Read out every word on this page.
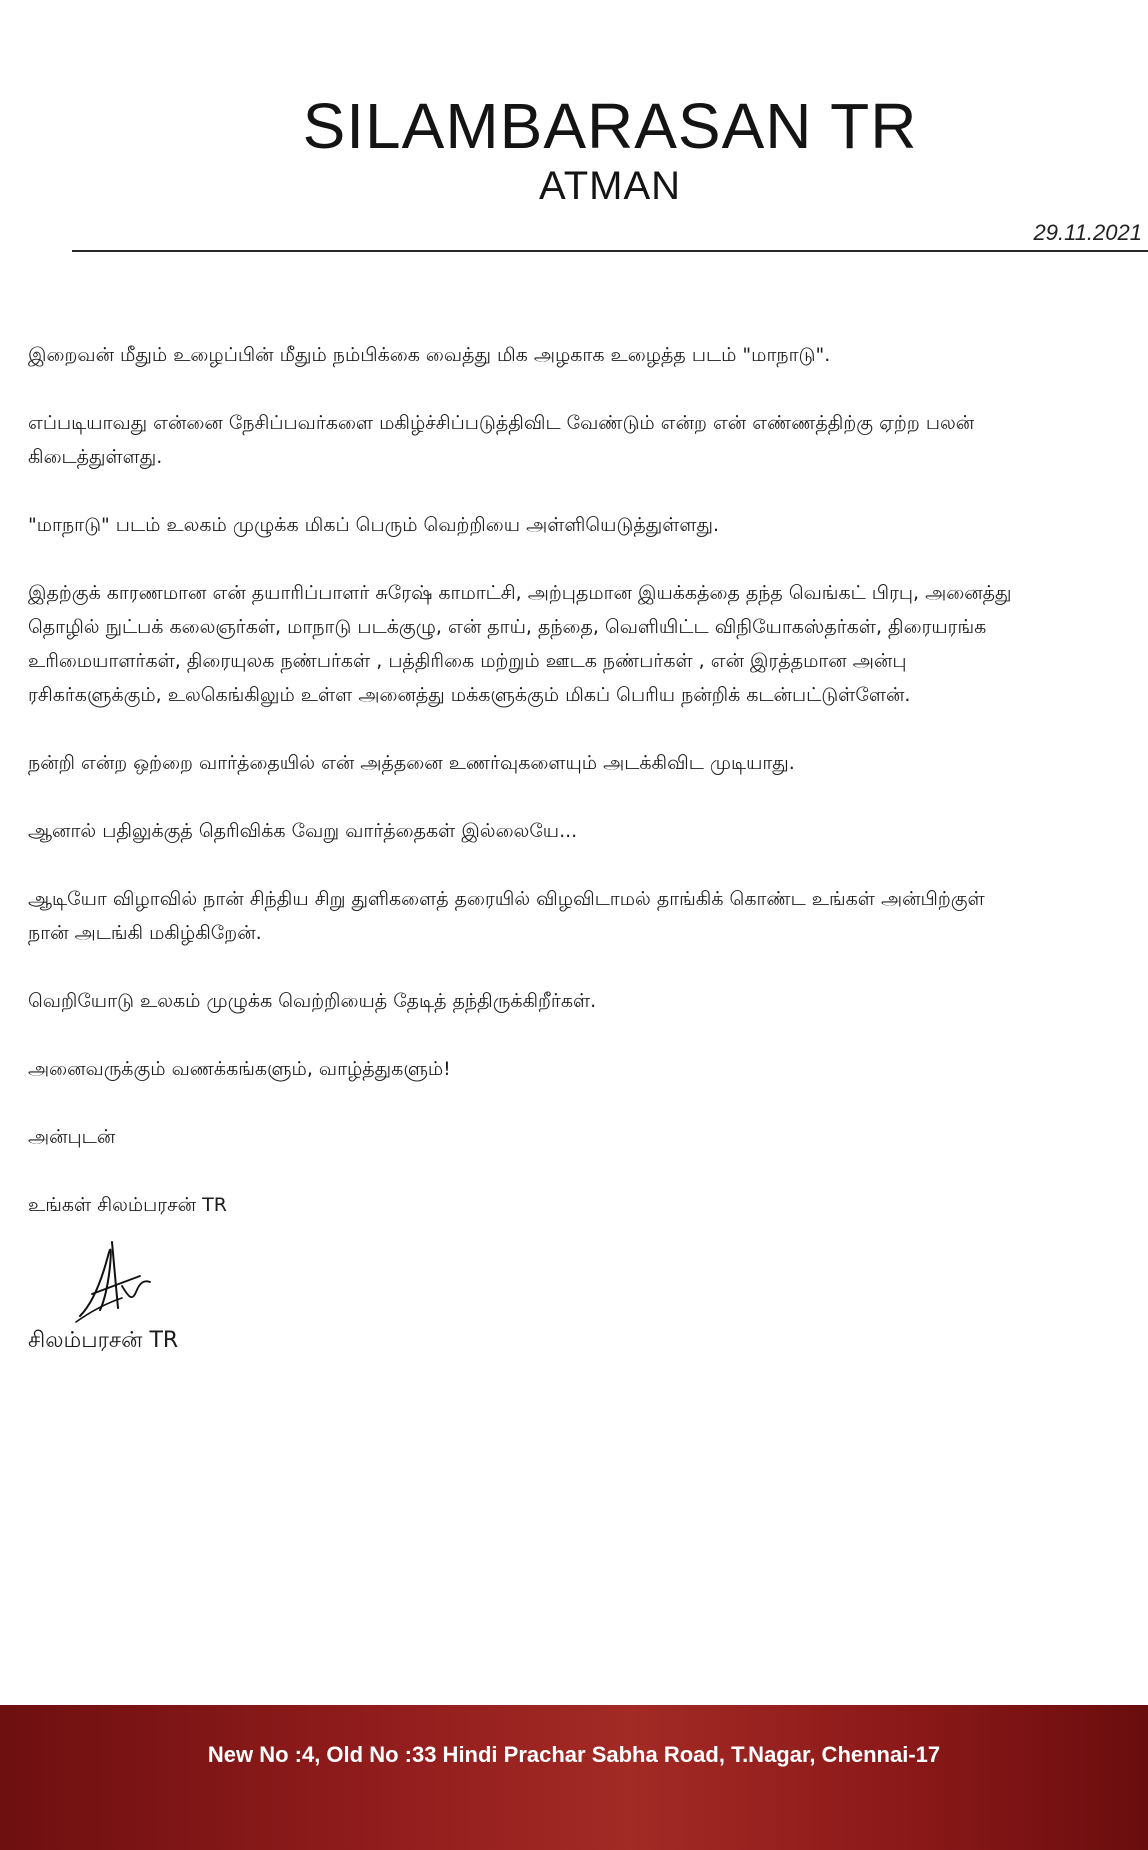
SILAMBARASAN TR
ATMAN
29.11.2021

இறைவன் மீதும் உழைப்பின் மீதும் நம்பிக்கை வைத்து மிக அழகாக உழைத்த படம் "மாநாடு".

எப்படியாவது என்னை நேசிப்பவர்களை மகிழ்ச்சிப்படுத்திவிட வேண்டும் என்ற என் எண்ணத்திற்கு ஏற்ற பலன்
கிடைத்துள்ளது.

"மாநாடு" படம் உலகம் முழுக்க மிகப் பெரும் வெற்றியை அள்ளியெடுத்துள்ளது.

இதற்குக் காரணமான என் தயாரிப்பாளர் சுரேஷ் காமாட்சி, அற்புதமான இயக்கத்தை தந்த வெங்கட் பிரபு, அனைத்து
தொழில் நுட்பக் கலைஞர்கள், மாநாடு படக்குழு, என் தாய், தந்தை, வெளியிட்ட விநியோகஸ்தர்கள், திரையரங்க
உரிமையாளர்கள், திரையுலக நண்பர்கள் , பத்திரிகை மற்றும் ஊடக நண்பர்கள் , என் இரத்தமான அன்பு
ரசிகர்களுக்கும், உலகெங்கிலும் உள்ள அனைத்து மக்களுக்கும் மிகப் பெரிய நன்றிக் கடன்பட்டுள்ளேன்.

நன்றி என்ற ஒற்றை வார்த்தையில் என் அத்தனை உணர்வுகளையும் அடக்கிவிட முடியாது.

ஆனால் பதிலுக்குத் தெரிவிக்க வேறு வார்த்தைகள் இல்லையே...

ஆடியோ விழாவில் நான் சிந்திய சிறு துளிகளைத் தரையில் விழவிடாமல் தாங்கிக் கொண்ட உங்கள் அன்பிற்குள்
நான் அடங்கி மகிழ்கிறேன்.

வெறியோடு உலகம் முழுக்க வெற்றியைத் தேடித் தந்திருக்கிறீர்கள்.

அனைவருக்கும் வணக்கங்களும், வாழ்த்துகளும்!

அன்புடன்
உங்கள் சிலம்பரசன் TR
சிலம்பரசன் TR
New No :4, Old No :33 Hindi Prachar Sabha Road, T.Nagar, Chennai-17
